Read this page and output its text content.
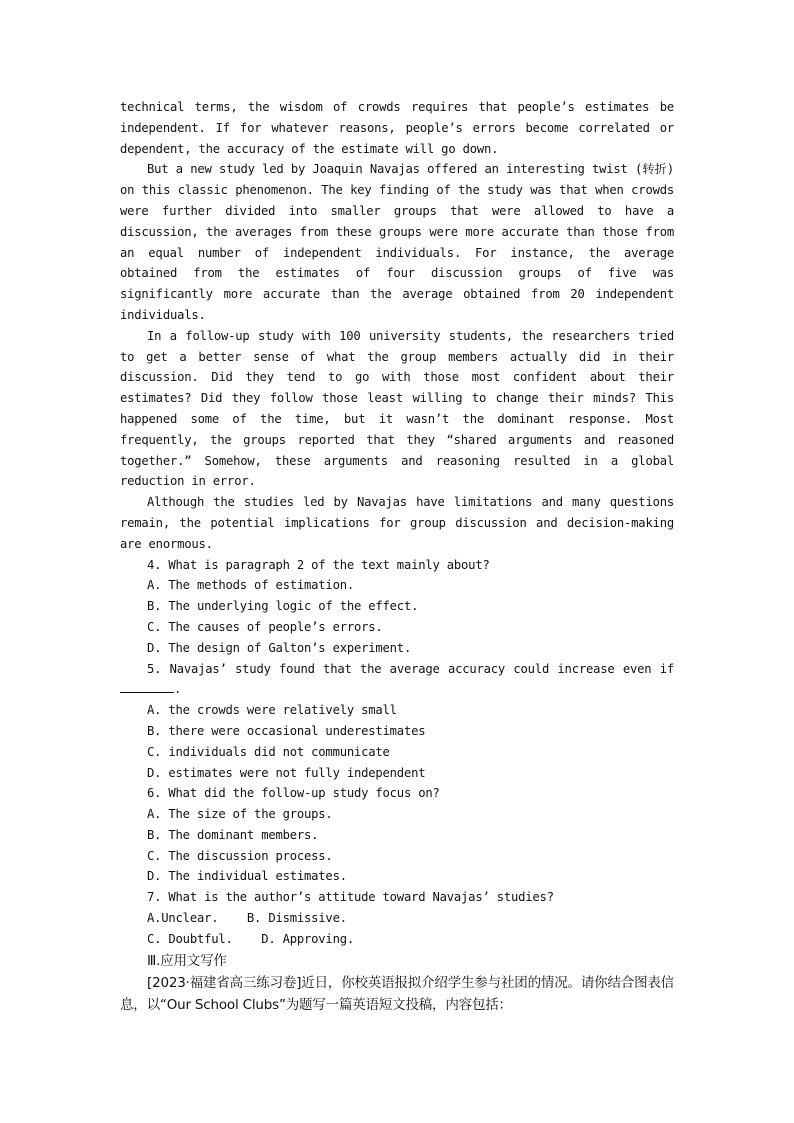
technical terms, the wisdom of crowds requires that people’s estimates be independent. If for whatever reasons, people’s errors become correlated or dependent, the accuracy of the estimate will go down.

But a new study led by Joaquin Navajas offered an interesting twist (转折) on this classic phenomenon. The key finding of the study was that when crowds were further divided into smaller groups that were allowed to have a discussion, the averages from these groups were more accurate than those from an equal number of independent individuals. For instance, the average obtained from the estimates of four discussion groups of five was significantly more accurate than the average obtained from 20 independent individuals.

In a follow-up study with 100 university students, the researchers tried to get a better sense of what the group members actually did in their discussion. Did they tend to go with those most confident about their estimates? Did they follow those least willing to change their minds? This happened some of the time, but it wasn’t the dominant response. Most frequently, the groups reported that they “shared arguments and reasoned together.” Somehow, these arguments and reasoning resulted in a global reduction in error.

Although the studies led by Navajas have limitations and many questions remain, the potential implications for group discussion and decision-making are enormous.

4. What is paragraph 2 of the text mainly about?

A. The methods of estimation.

B. The underlying logic of the effect.

C. The causes of people’s errors.

D. The design of Galton’s experiment.

5. Navajas’ study found that the average accuracy could increase even if .

A. the crowds were relatively small

B. there were occasional underestimates

C. individuals did not communicate

D. estimates were not fully independent

6. What did the follow-up study focus on?

A. The size of the groups.

B. The dominant members.

C. The discussion process.

D. The individual estimates.

7. What is the author’s attitude toward Navajas’ studies?

A.Unclear.    B. Dismissive.

C. Doubtful.    D. Approving.

Ⅲ.应用文写作

[2023·福建省高三练习卷]近日，你校英语报拟介绍学生参与社团的情况。请你结合图表信息，以“Our School Clubs”为题写一篇英语短文投稿，内容包括：
